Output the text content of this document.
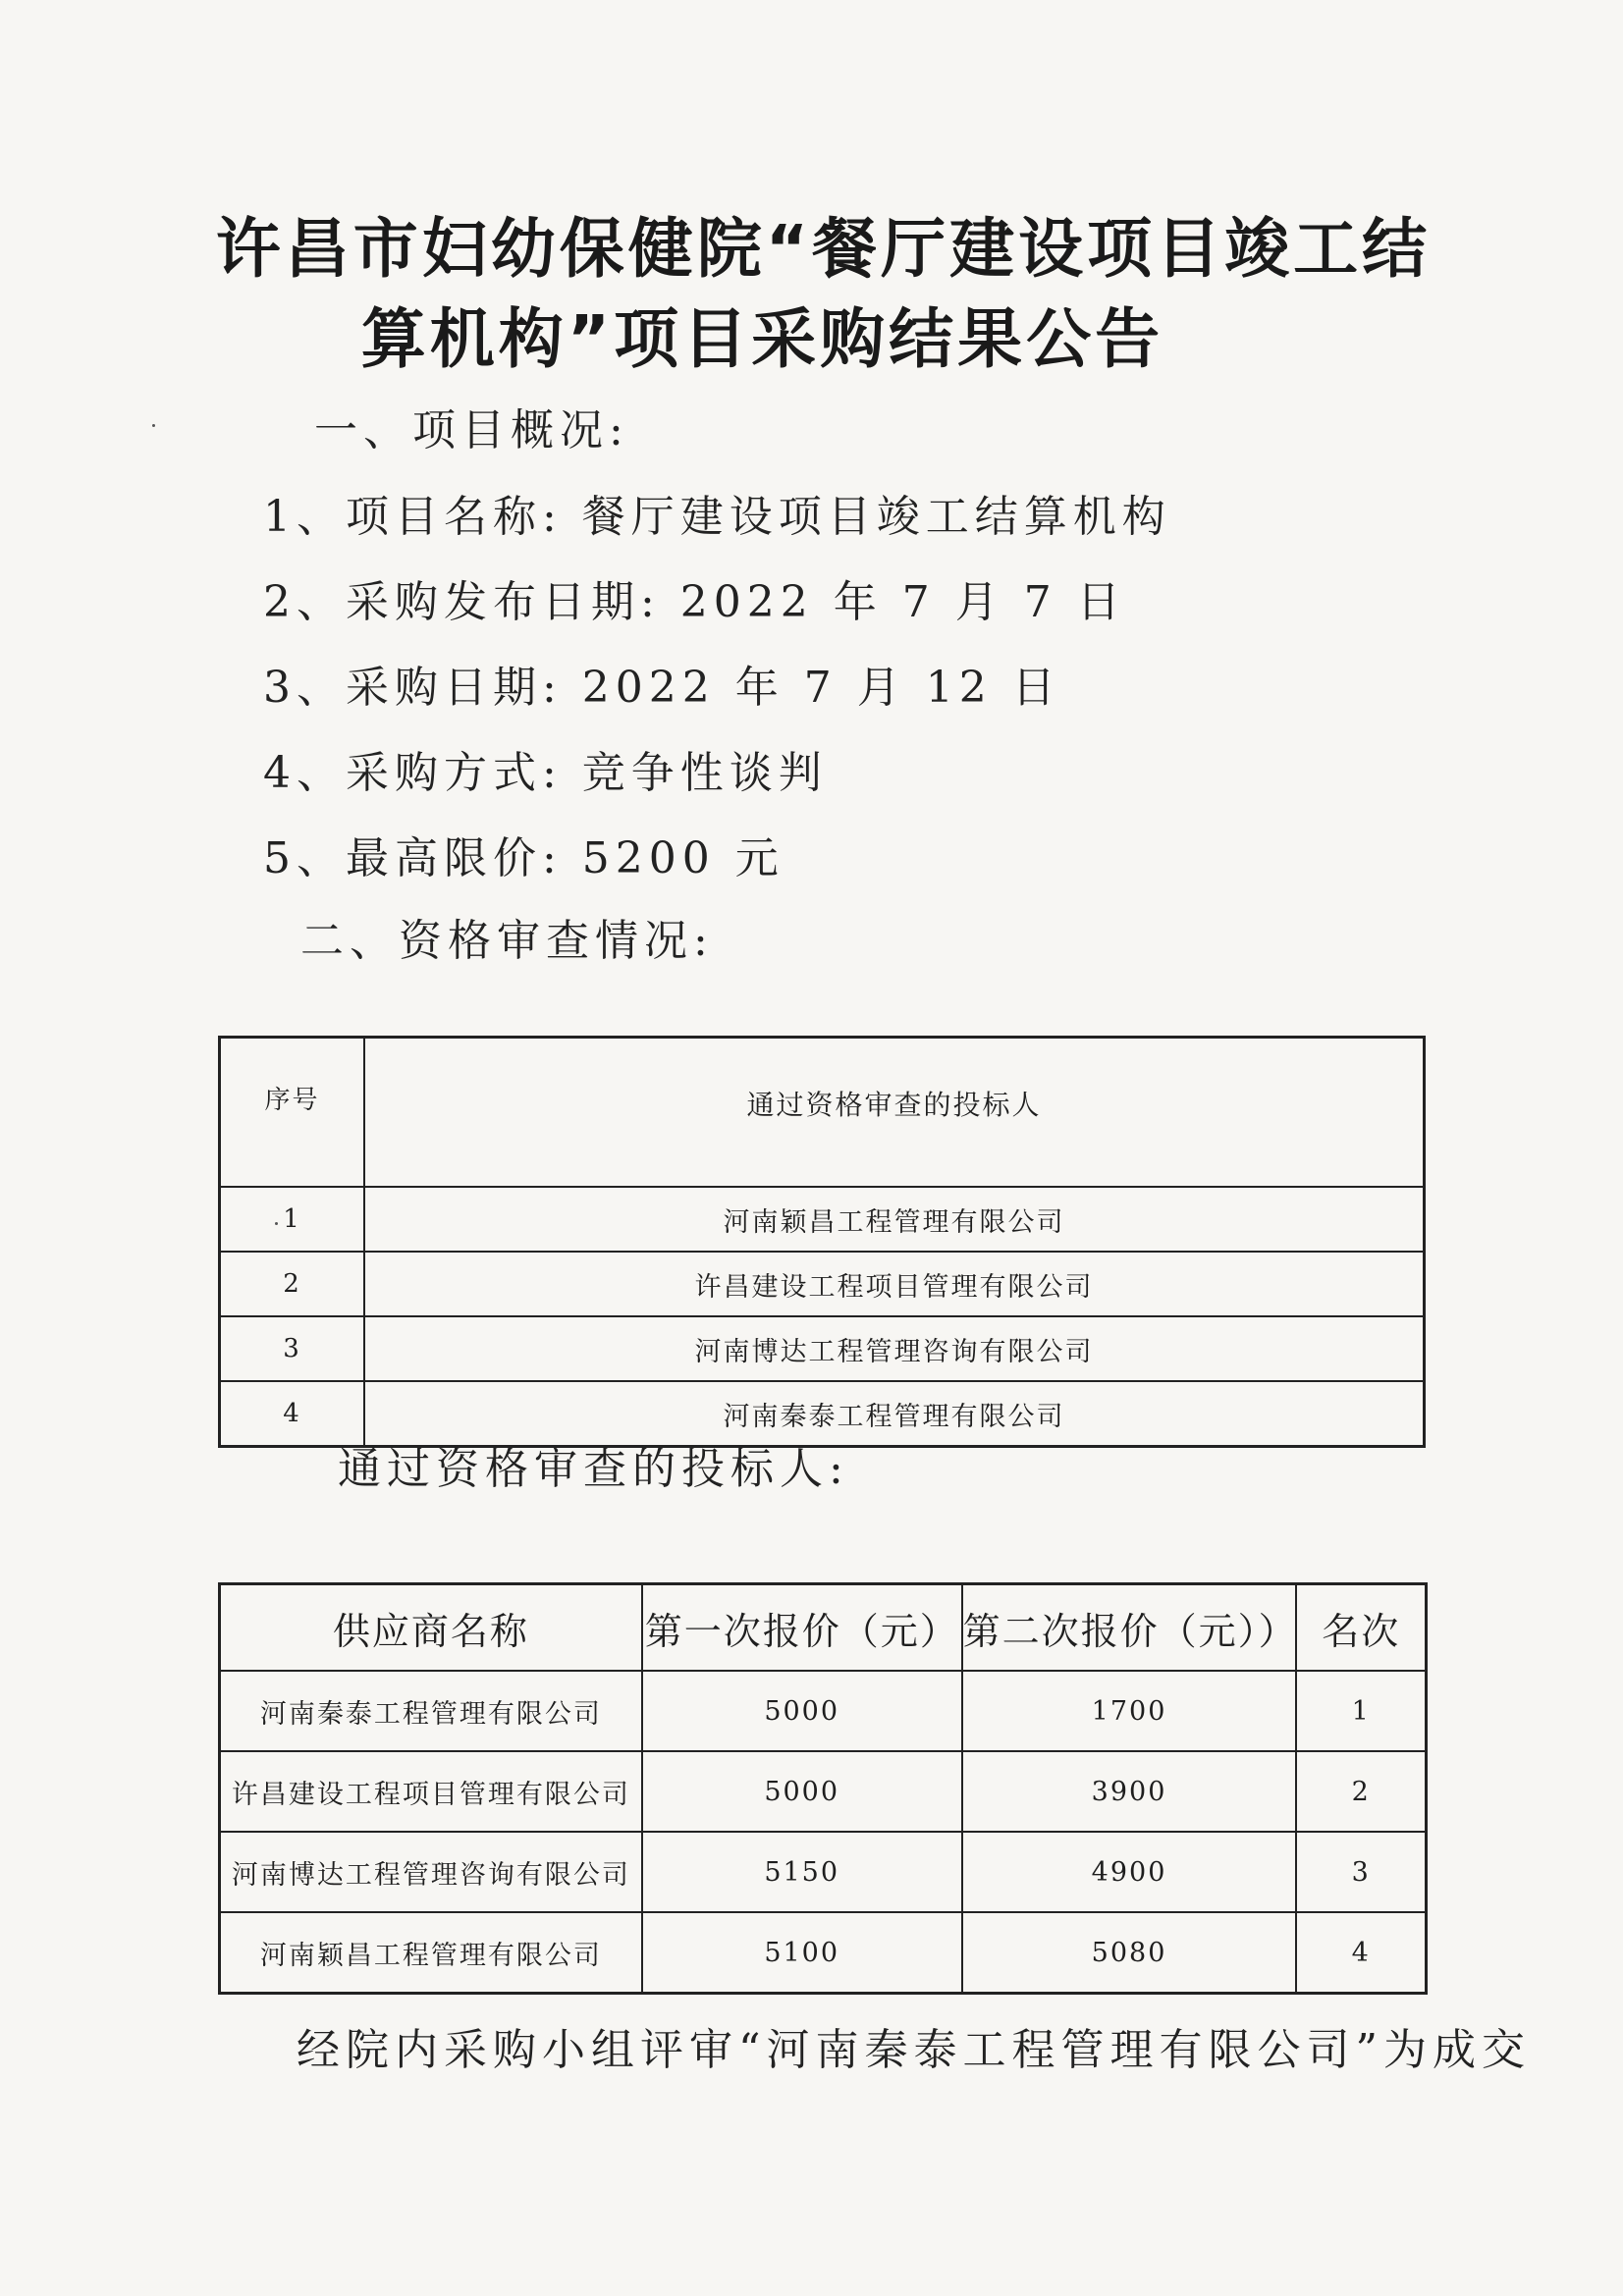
许昌市妇幼保健院“餐厅建设项目竣工结
算机构”项目采购结果公告
一、项目概况:
1、项目名称: 餐厅建设项目竣工结算机构
2、采购发布日期: 2022 年 7 月 7 日
3、采购日期: 2022 年 7 月 12 日
4、采购方式: 竞争性谈判
5、最高限价: 5200 元
二、资格审查情况:
序号	通过资格审查的投标人
1	河南颖昌工程管理有限公司
2	许昌建设工程项目管理有限公司
3	河南博达工程管理咨询有限公司
4	河南秦泰工程管理有限公司
通过资格审查的投标人:
供应商名称	第一次报价（元）	第二次报价（元））	名次
河南秦泰工程管理有限公司	5000	1700	1
许昌建设工程项目管理有限公司	5000	3900	2
河南博达工程管理咨询有限公司	5150	4900	3
河南颖昌工程管理有限公司	5100	5080	4
经院内采购小组评审“河南秦泰工程管理有限公司”为成交
